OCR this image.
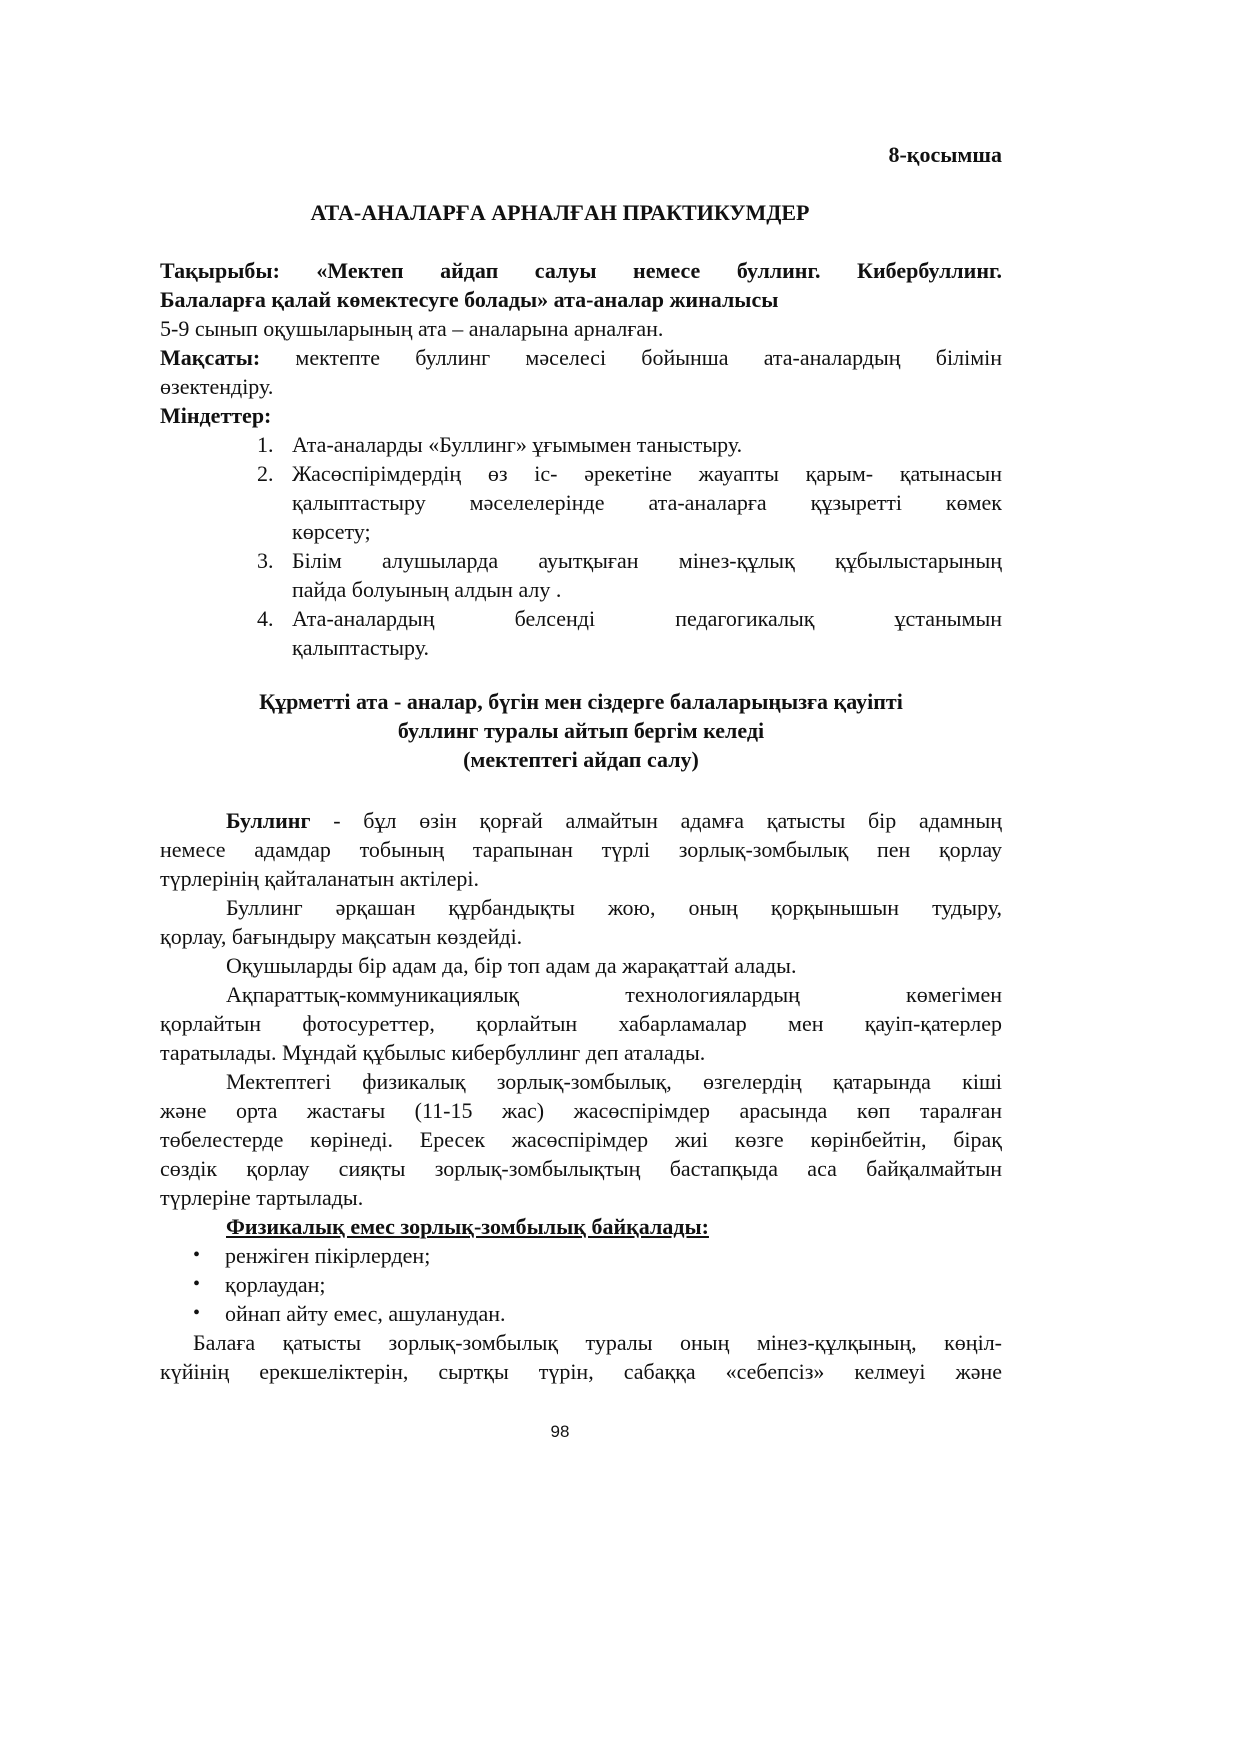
8-қосымша
АТА-АНАЛАРҒА АРНАЛҒАН ПРАКТИКУМДЕР
Тақырыбы: «Мектеп айдап салуы немесе буллинг. Кибербуллинг.
Балаларға қалай көмектесуге болады» ата-аналар жиналысы
5-9 сынып оқушыларының ата – аналарына арналған.
Мақсаты: мектепте буллинг мәселесі бойынша ата-аналардың білімін
өзектендіру.
Міндеттер:
1. Ата-аналарды «Буллинг» ұғымымен таныстыру.
2. Жасөспірімдердің өз іс- әрекетіне жауапты қарым- қатынасын
қалыптастыру мәселелерінде ата-аналарға құзыретті көмек
көрсету;
3. Білім алушыларда ауытқыған мінез-құлық құбылыстарының
пайда болуының алдын алу .
4. Ата-аналардың белсенді педагогикалық ұстанымын
қалыптастыру.
Құрметті ата - аналар, бүгін мен сіздерге балаларыңызға қауіпті
буллинг туралы айтып бергім келеді
(мектептегі айдап салу)
Буллинг - бұл өзін қорғай алмайтын адамға қатысты бір адамның
немесе адамдар тобының тарапынан түрлі зорлық-зомбылық пен қорлау
түрлерінің қайталанатын актілері.
Буллинг әрқашан құрбандықты жою, оның қорқынышын тудыру,
қорлау, бағындыру мақсатын көздейді.
Оқушыларды бір адам да, бір топ адам да жарақаттай алады.
Ақпараттық-коммуникациялық технологиялардың көмегімен
қорлайтын фотосуреттер, қорлайтын хабарламалар мен қауіп-қатерлер
таратылады. Мұндай құбылыс кибербуллинг деп аталады.
Мектептегі физикалық зорлық-зомбылық, өзгелердің қатарында кіші
және орта жастағы (11-15 жас) жасөспірімдер арасында көп таралған
төбелестерде көрінеді. Ересек жасөспірімдер жиі көзге көрінбейтін, бірақ
сөздік қорлау сияқты зорлық-зомбылықтың бастапқыда аса байқалмайтын
түрлеріне тартылады.
Физикалық емес зорлық-зомбылық байқалады:
•	ренжіген пікірлерден;
•	қорлаудан;
•	ойнап айту емес, ашуланудан.
Балаға қатысты зорлық-зомбылық туралы оның мінез-құлқының, көңіл-
күйінің ерекшеліктерін, сыртқы түрін, сабаққа «себепсіз» келмеуі және
98
